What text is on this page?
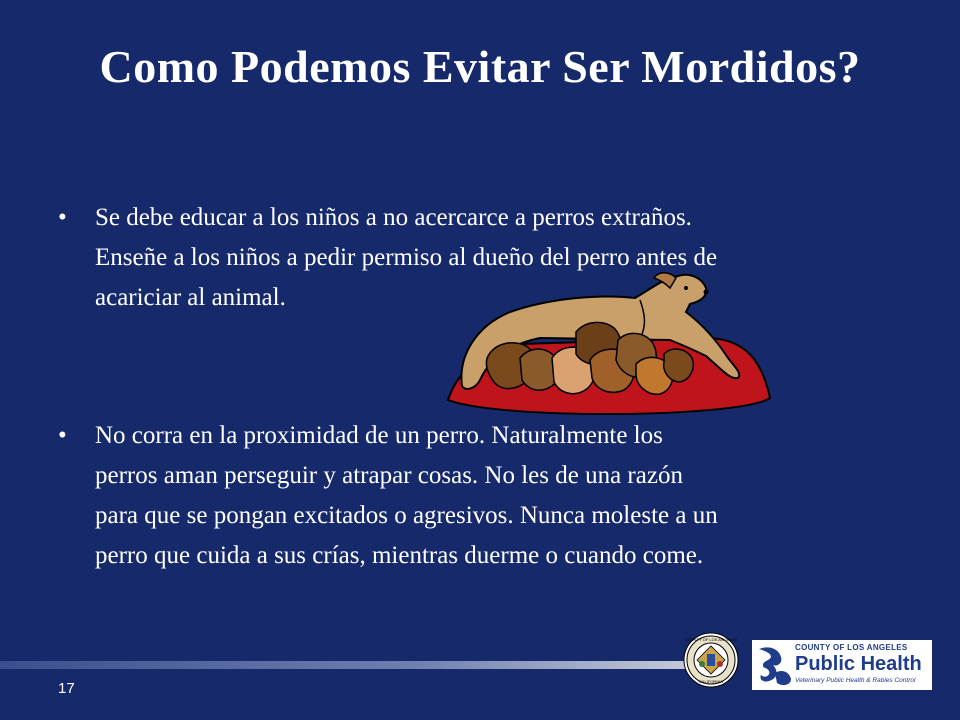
Como Podemos Evitar Ser Mordidos?
•	Se debe educar a los niños a no acercarce a perros extraños.
Enseñe a los niños a pedir permiso al dueño del perro antes de
acariciar al animal.
•	No corra en la proximidad de un perro. Naturalmente los
perros aman perseguir y atrapar cosas. No les de una razón
para que se pongan excitados o agresivos. Nunca moleste a un
perro que cuida a sus crías, mientras duerme o cuando come.
17
COUNTY OF LOS ANGELES
CALIFORNIA
COUNTY OF LOS ANGELES
Public Health
Veterinary Public Health & Rabies Control
